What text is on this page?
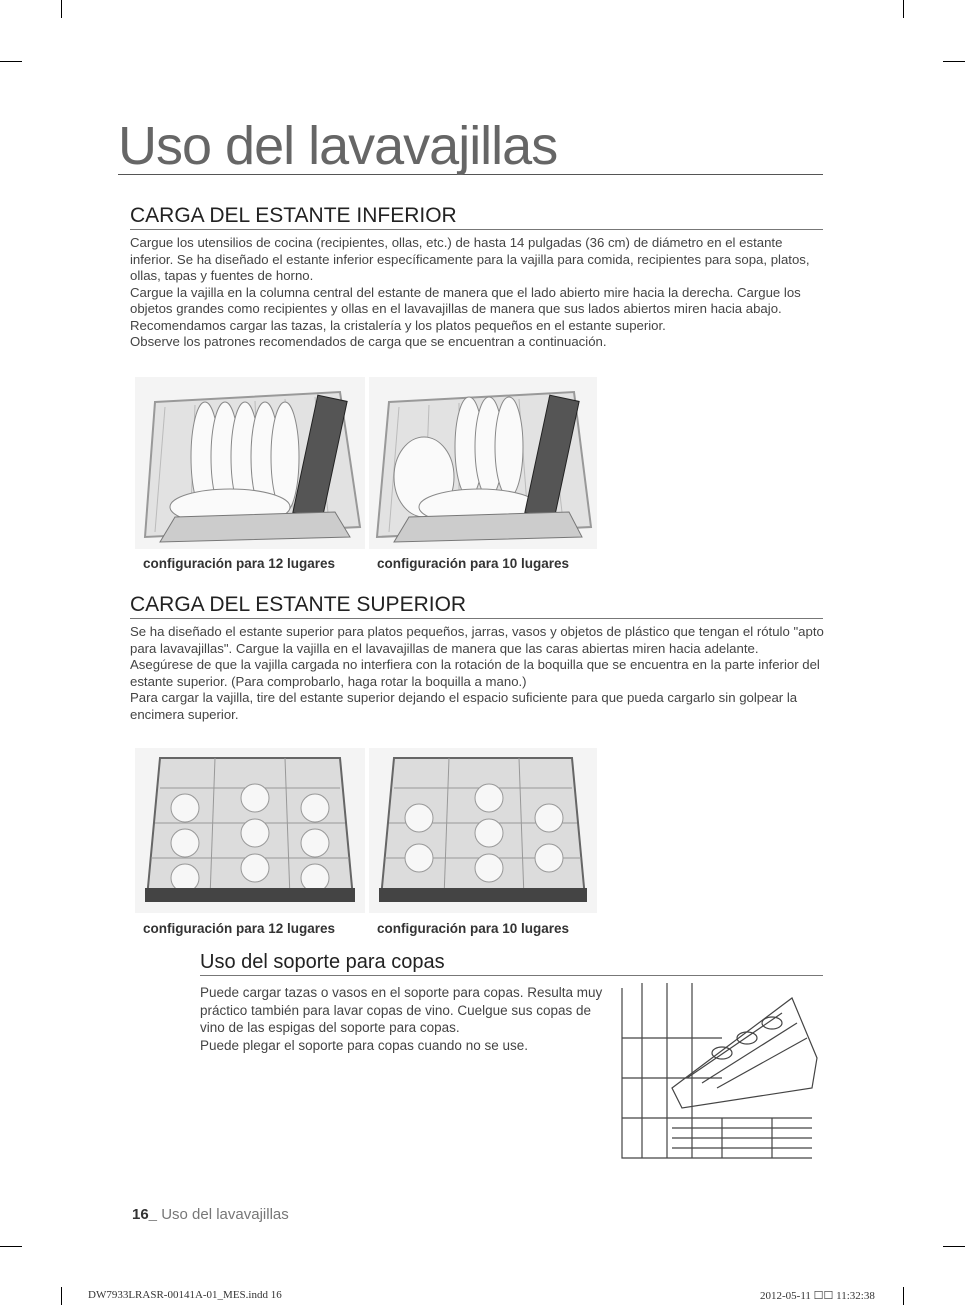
Uso del lavavajillas
CARGA DEL ESTANTE INFERIOR

Cargue los utensilios de cocina (recipientes, ollas, etc.) de hasta 14 pulgadas (36 cm) de diámetro en el estante inferior. Se ha diseñado el estante inferior específicamente para la vajilla para comida, recipientes para sopa, platos, ollas, tapas y fuentes de horno.

Cargue la vajilla en la columna central del estante de manera que el lado abierto mire hacia la derecha. Cargue los objetos grandes como recipientes y ollas en el lavavajillas de manera que sus lados abiertos miren hacia abajo. Recomendamos cargar las tazas, la cristalería y los platos pequeños en el estante superior.

Observe los patrones recomendados de carga que se encuentran a continuación.

configuración para 12 lugares	configuración para 10 lugares
CARGA DEL ESTANTE SUPERIOR

Se ha diseñado el estante superior para platos pequeños, jarras, vasos y objetos de plástico que tengan el rótulo "apto para lavavajillas". Cargue la vajilla en el lavavajillas de manera que las caras abiertas miren hacia adelante.

Asegúrese de que la vajilla cargada no interfiera con la rotación de la boquilla que se encuentra en la parte inferior del estante superior. (Para comprobarlo, haga rotar la boquilla a mano.)

Para cargar la vajilla, tire del estante superior dejando el espacio suficiente para que pueda cargarlo sin golpear la encimera superior.

configuración para 12 lugares	configuración para 10 lugares
Uso del soporte para copas

Puede cargar tazas o vasos en el soporte para copas. Resulta muy práctico también para lavar copas de vino. Cuelgue sus copas de vino de las espigas del soporte para copas.

Puede plegar el soporte para copas cuando no se use.

16_ Uso del lavavajillas
DW7933LRASR-00141A-01_MES.indd 16	2012-05-11 ☐☐ 11:32:38
